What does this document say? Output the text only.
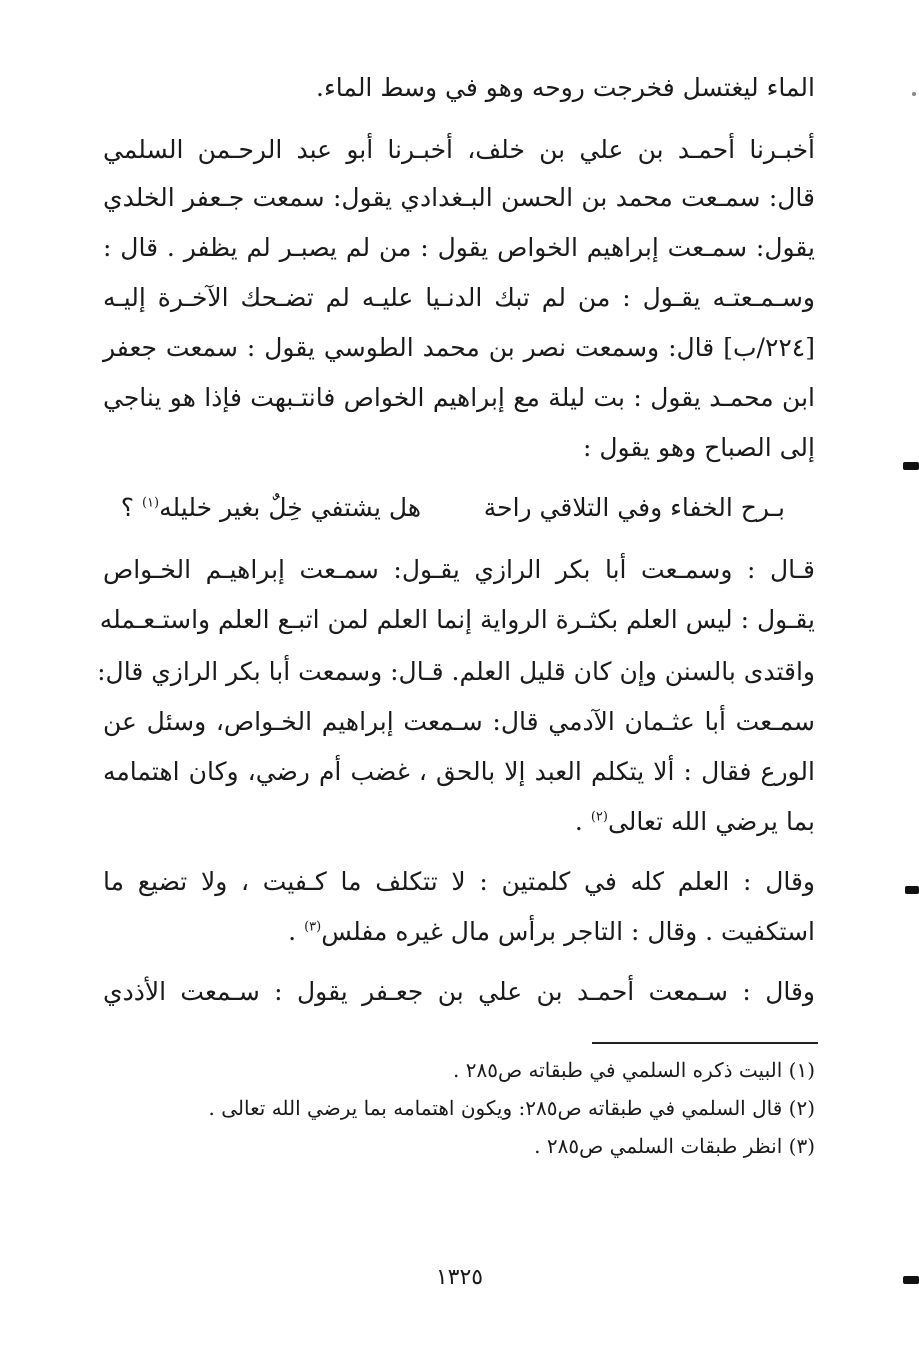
الماء ليغتسل فخرجت روحه وهو في وسط الماء.
أخبـرنا أحمـد بن علي بن خلف، أخبـرنا أبو عبد الرحـمن السلمي
قال: سمـعت محمد بن الحسن البـغدادي يقول: سمعت جـعفر الخلدي
يقول: سمـعت إبراهيم الخواص يقول : من لم يصبـر لم يظفر . قال :
وسـمـعتـه يقـول : من لم تبك الدنـيا عليـه لم تضـحك الآخـرة إليـه
[٢٢٤/ب] قال: وسمعت نصر بن محمد الطوسي يقول : سمعت جعفر
ابن محمـد يقول : بت ليلة مع إبراهيم الخواص فانتـبهت فإذا هو يناجي
إلى الصباح وهو يقول :
بـرح الخفاء وفي التلاقي راحة
هل يشتفي خِلٌ بغير خليله$^{(١)}$ ؟
قـال : وسمـعت أبا بكر الرازي يقـول: سمـعت إبراهيـم الخـواص
يقـول : ليس العلم بكثـرة الرواية إنما العلم لمن اتبـع العلم واستـعـمله
واقتدى بالسنن وإن كان قليل العلم. قـال: وسمعت أبا بكر الرازي قال:
سمـعت أبا عثـمان الآدمي قال: سـمعت إبراهيم الخـواص، وسئل عن
الورع فقال : ألا يتكلم العبد إلا بالحق ، غضب أم رضي، وكان اهتمامه
بما يرضي الله تعالى$^{(٢)}$ .
وقال : العلم كله في كلمتين : لا تتكلف ما كـفيت ، ولا تضيع ما
استكفيت . وقال : التاجر برأس مال غيره مفلس$^{(٣)}$ .
وقال : سـمعت أحمـد بن علي بن جعـفر يقول : سـمعت الأذدي
(١) البيت ذكره السلمي في طبقاته ص٢٨٥ .
(٢) قال السلمي في طبقاته ص٢٨٥: ويكون اهتمامه بما يرضي الله تعالى .
(٣) انظر طبقات السلمي ص٢٨٥ .
١٣٢٥
